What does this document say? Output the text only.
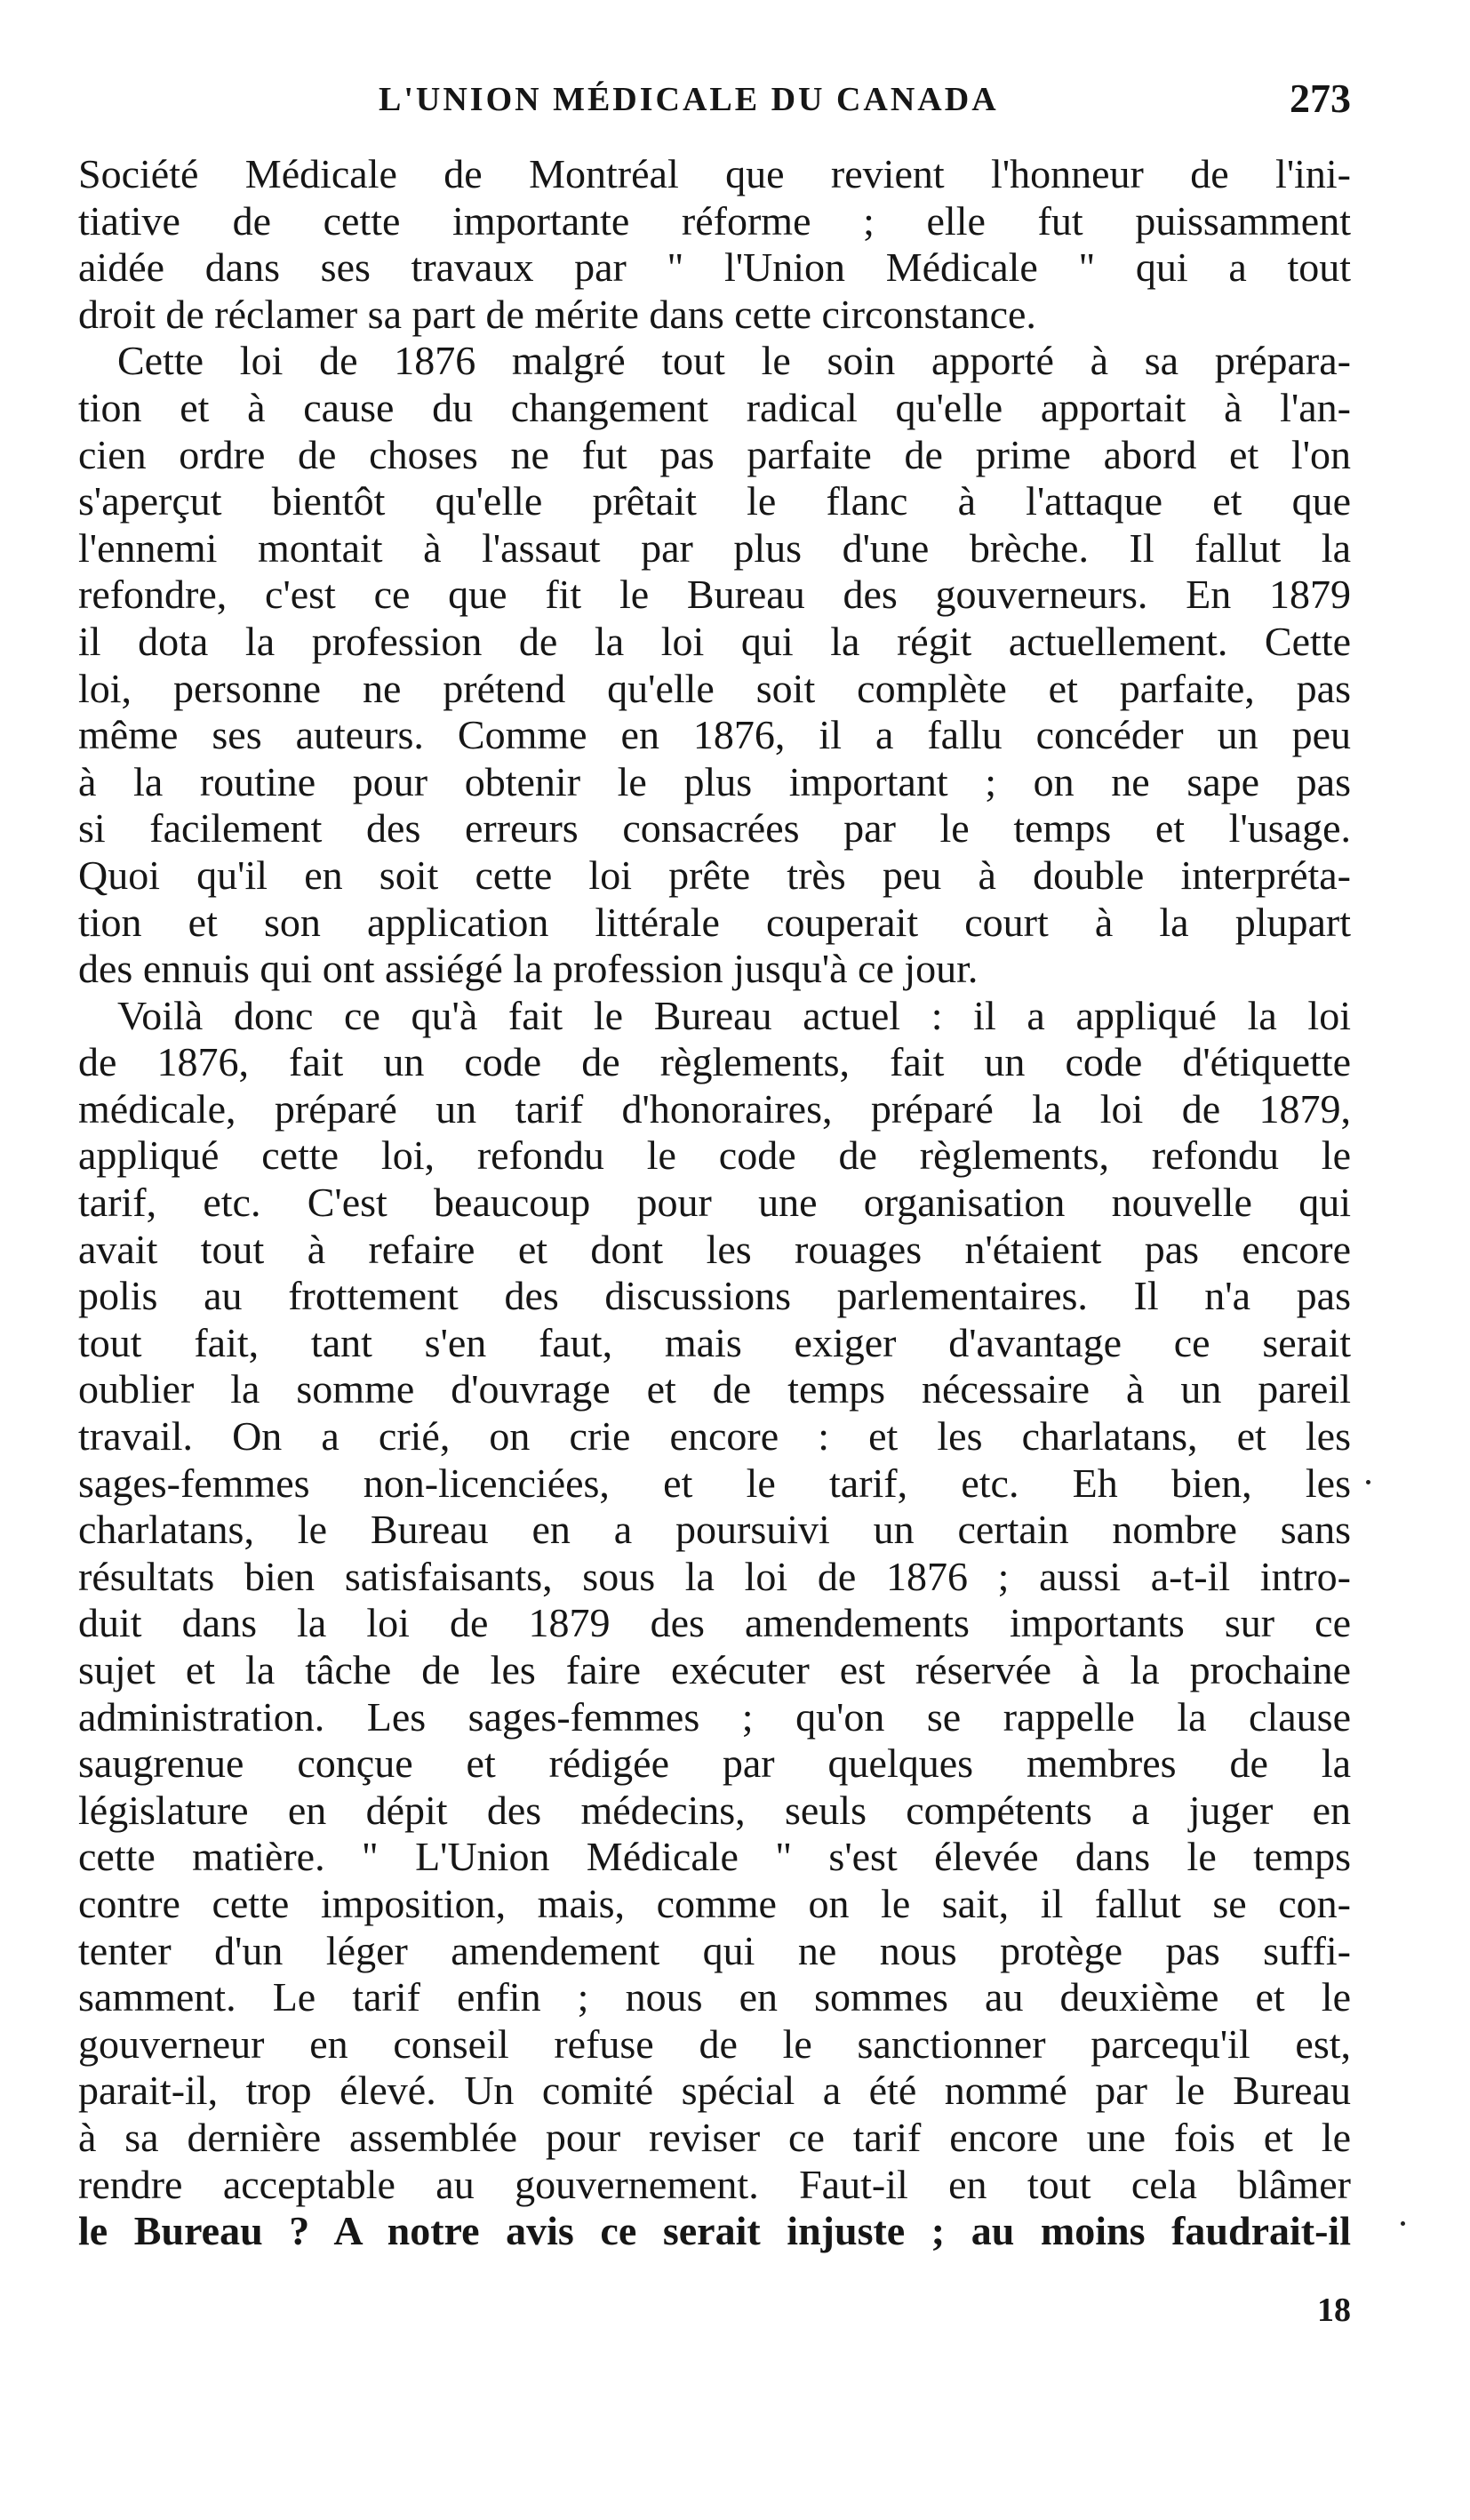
L'UNION MÉDICALE DU CANADA	273
Société Médicale de Montréal que revient l'honneur de l'ini-
tiative de cette importante réforme ; elle fut puissamment
aidée dans ses travaux par " l'Union Médicale " qui a tout
droit de réclamer sa part de mérite dans cette circonstance.
Cette loi de 1876 malgré tout le soin apporté à sa prépara-
tion et à cause du changement radical qu'elle apportait à l'an-
cien ordre de choses ne fut pas parfaite de prime abord et l'on
s'aperçut bientôt qu'elle prêtait le flanc à l'attaque et que
l'ennemi montait à l'assaut par plus d'une brèche. Il fallut la
refondre, c'est ce que fit le Bureau des gouverneurs. En 1879
il dota la profession de la loi qui la régit actuellement. Cette
loi, personne ne prétend qu'elle soit complète et parfaite, pas
même ses auteurs. Comme en 1876, il a fallu concéder un peu
à la routine pour obtenir le plus important ; on ne sape pas
si facilement des erreurs consacrées par le temps et l'usage.
Quoi qu'il en soit cette loi prête très peu à double interpréta-
tion et son application littérale couperait court à la plupart
des ennuis qui ont assiégé la profession jusqu'à ce jour.
Voilà donc ce qu'à fait le Bureau actuel : il a appliqué la loi
de 1876, fait un code de règlements, fait un code d'étiquette
médicale, préparé un tarif d'honoraires, préparé la loi de 1879,
appliqué cette loi, refondu le code de règlements, refondu le
tarif, etc. C'est beaucoup pour une organisation nouvelle qui
avait tout à refaire et dont les rouages n'étaient pas encore
polis au frottement des discussions parlementaires. Il n'a pas
tout fait, tant s'en faut, mais exiger d'avantage ce serait
oublier la somme d'ouvrage et de temps nécessaire à un pareil
travail. On a crié, on crie encore : et les charlatans, et les
sages-femmes non-licenciées, et le tarif, etc. Eh bien, les
charlatans, le Bureau en a poursuivi un certain nombre sans
résultats bien satisfaisants, sous la loi de 1876 ; aussi a-t-il intro-
duit dans la loi de 1879 des amendements importants sur ce
sujet et la tâche de les faire exécuter est réservée à la prochaine
administration. Les sages-femmes ; qu'on se rappelle la clause
saugrenue conçue et rédigée par quelques membres de la
législature en dépit des médecins, seuls compétents a juger en
cette matière. " L'Union Médicale " s'est élevée dans le temps
contre cette imposition, mais, comme on le sait, il fallut se con-
tenter d'un léger amendement qui ne nous protège pas suffi-
samment. Le tarif enfin ; nous en sommes au deuxième et le
gouverneur en conseil refuse de le sanctionner parcequ'il est,
parait-il, trop élevé. Un comité spécial a été nommé par le Bureau
à sa dernière assemblée pour reviser ce tarif encore une fois et le
rendre acceptable au gouvernement. Faut-il en tout cela blâmer
le Bureau ? A notre avis ce serait injuste ; au moins faudrait-il
18
